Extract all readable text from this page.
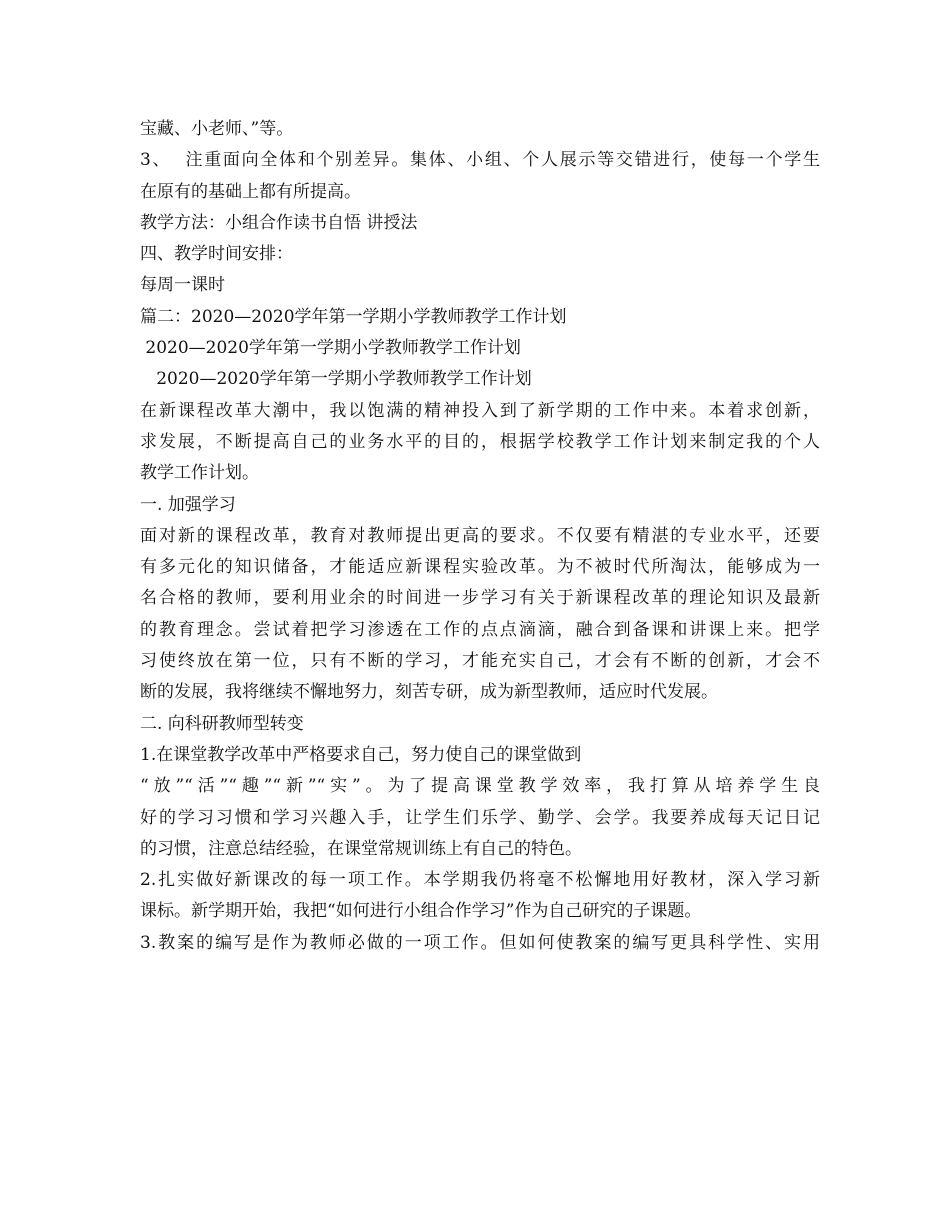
宝藏、小老师、”等。
3、  注重面向全体和个别差异。集体、小组、个人展示等交错进行，使每一个学生
在原有的基础上都有所提高。
教学方法：小组合作读书自悟 讲授法
四、教学时间安排：
每周一课时
篇二：2020—2020学年第一学期小学教师教学工作计划
2020—2020学年第一学期小学教师教学工作计划
2020—2020学年第一学期小学教师教学工作计划
在新课程改革大潮中，我以饱满的精神投入到了新学期的工作中来。本着求创新，
求发展，不断提高自己的业务水平的目的，根据学校教学工作计划来制定我的个人
教学工作计划。
一. 加强学习
面对新的课程改革，教育对教师提出更高的要求。不仅要有精湛的专业水平，还要
有多元化的知识储备，才能适应新课程实验改革。为不被时代所淘汰，能够成为一
名合格的教师，要利用业余的时间进一步学习有关于新课程改革的理论知识及最新
的教育理念。尝试着把学习渗透在工作的点点滴滴，融合到备课和讲课上来。把学
习使终放在第一位，只有不断的学习，才能充实自己，才会有不断的创新，才会不
断的发展，我将继续不懈地努力，刻苦专研，成为新型教师，适应时代发展。
二. 向科研教师型转变
1.在课堂教学改革中严格要求自己，努力使自己的课堂做到
“放”“活”“趣”“新”“实”。为了提高课堂教学效率，我打算从培养学生良
好的学习习惯和学习兴趣入手，让学生们乐学、勤学、会学。我要养成每天记日记
的习惯，注意总结经验，在课堂常规训练上有自己的特色。
2.扎实做好新课改的每一项工作。本学期我仍将毫不松懈地用好教材，深入学习新
课标。新学期开始，我把“如何进行小组合作学习”作为自己研究的子课题。
3.教案的编写是作为教师必做的一项工作。但如何使教案的编写更具科学性、实用
